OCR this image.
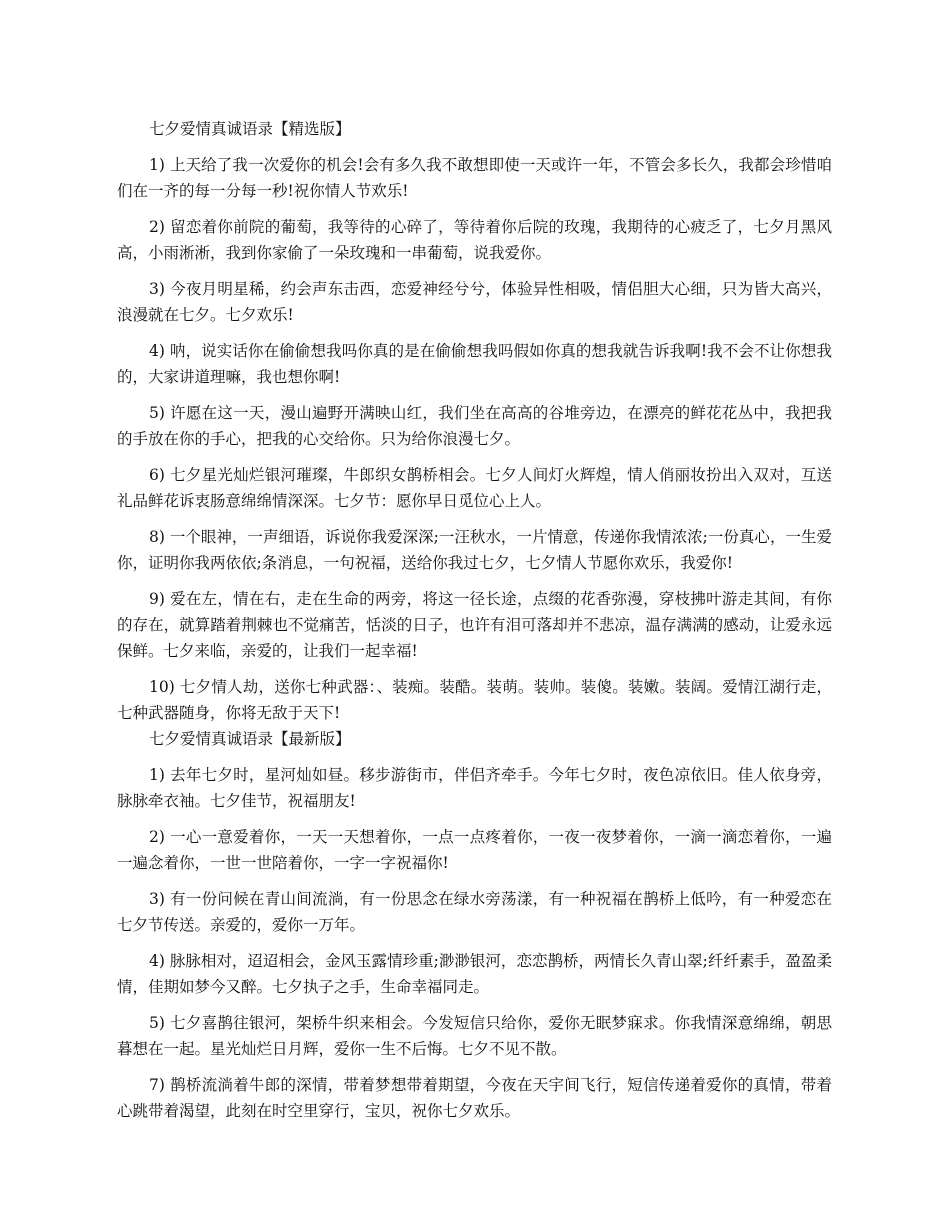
七夕爱情真诚语录【精选版】

1) 上天给了我一次爱你的机会!会有多久我不敢想即使一天或许一年，不管会多长久，我都会珍惜咱们在一齐的每一分每一秒!祝你情人节欢乐!

2) 留恋着你前院的葡萄，我等待的心碎了，等待着你后院的玫瑰，我期待的心疲乏了，七夕月黑风高，小雨淅淅，我到你家偷了一朵玫瑰和一串葡萄，说我爱你。

3) 今夜月明星稀，约会声东击西，恋爱神经兮兮，体验异性相吸，情侣胆大心细，只为皆大高兴，浪漫就在七夕。七夕欢乐!

4) 呐，说实话你在偷偷想我吗你真的是在偷偷想我吗假如你真的想我就告诉我啊!我不会不让你想我的，大家讲道理嘛，我也想你啊!

5) 许愿在这一天，漫山遍野开满映山红，我们坐在高高的谷堆旁边，在漂亮的鲜花花丛中，我把我的手放在你的手心，把我的心交给你。只为给你浪漫七夕。

6) 七夕星光灿烂银河璀璨，牛郎织女鹊桥相会。七夕人间灯火辉煌，情人俏丽妆扮出入双对，互送礼品鲜花诉衷肠意绵绵情深深。七夕节：愿你早日觅位心上人。

8) 一个眼神，一声细语，诉说你我爱深深;一汪秋水，一片情意，传递你我情浓浓;一份真心，一生爱你，证明你我两依依;条消息，一句祝福，送给你我过七夕，七夕情人节愿你欢乐，我爱你!

9) 爱在左，情在右，走在生命的两旁，将这一径长途，点缀的花香弥漫，穿枝拂叶游走其间，有你的存在，就算踏着荆棘也不觉痛苦，恬淡的日子，也许有泪可落却并不悲凉，温存满满的感动，让爱永远保鲜。七夕来临，亲爱的，让我们一起幸福!

10) 七夕情人劫，送你七种武器：、装痴。装酷。装萌。装帅。装傻。装嫩。装阔。爱情江湖行走，七种武器随身，你将无敌于天下!

七夕爱情真诚语录【最新版】

1) 去年七夕时，星河灿如昼。移步游街市，伴侣齐牵手。今年七夕时，夜色凉依旧。佳人依身旁，脉脉牵衣袖。七夕佳节，祝福朋友!

2) 一心一意爱着你，一天一天想着你，一点一点疼着你，一夜一夜梦着你，一滴一滴恋着你，一遍一遍念着你，一世一世陪着你，一字一字祝福你!

3) 有一份问候在青山间流淌，有一份思念在绿水旁荡漾，有一种祝福在鹊桥上低吟，有一种爱恋在七夕节传送。亲爱的，爱你一万年。

4) 脉脉相对，迢迢相会，金风玉露情珍重;渺渺银河，恋恋鹊桥，两情长久青山翠;纤纤素手，盈盈柔情，佳期如梦今又醉。七夕执子之手，生命幸福同走。

5) 七夕喜鹊往银河，架桥牛织来相会。今发短信只给你，爱你无眠梦寐求。你我情深意绵绵，朝思暮想在一起。星光灿烂日月辉，爱你一生不后悔。七夕不见不散。

7) 鹊桥流淌着牛郎的深情，带着梦想带着期望，今夜在天宇间飞行，短信传递着爱你的真情，带着心跳带着渴望，此刻在时空里穿行，宝贝，祝你七夕欢乐。
